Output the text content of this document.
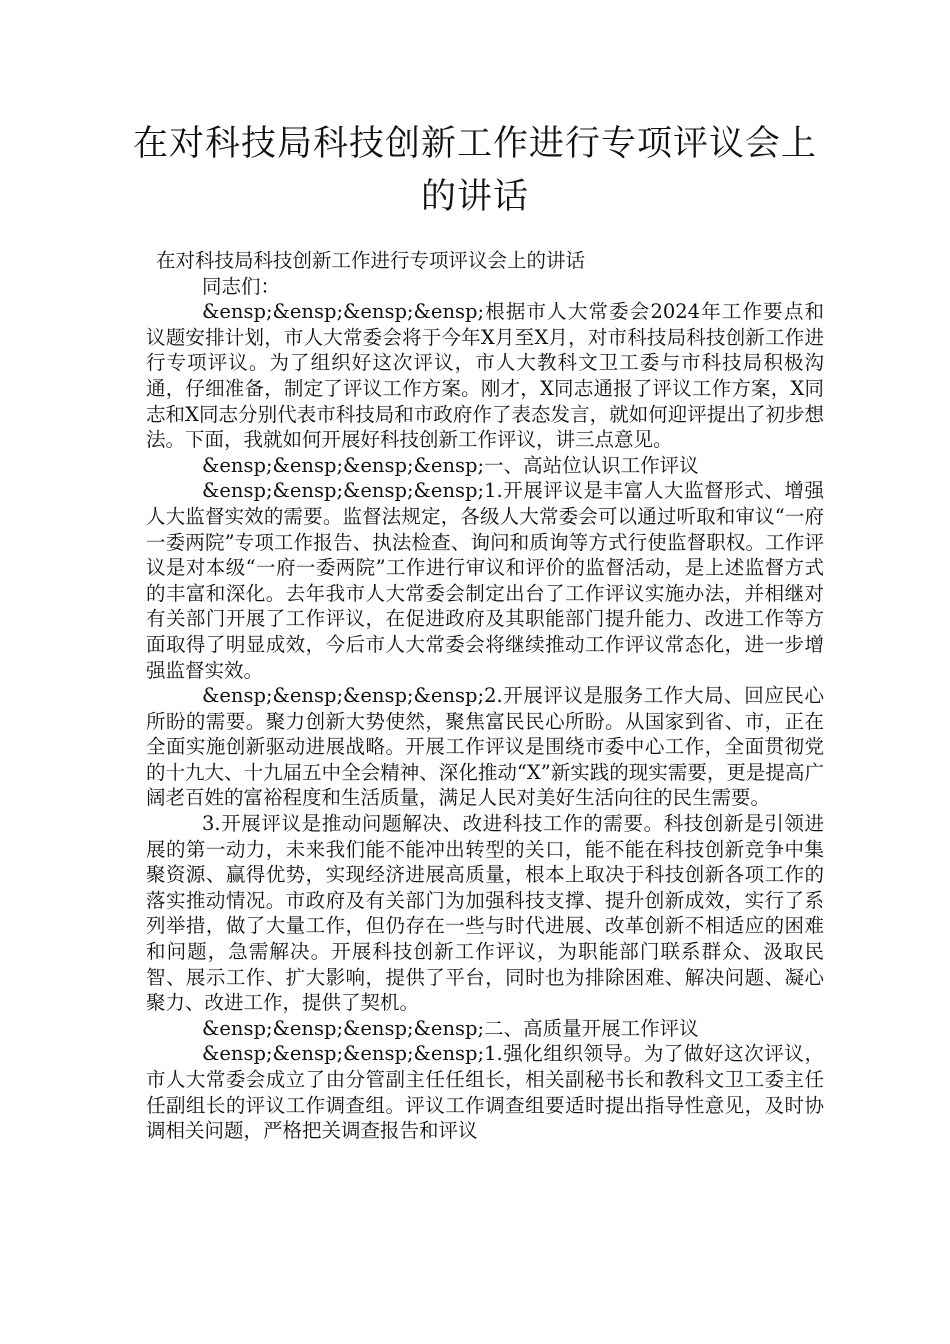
在对科技局科技创新工作进行专项评议会上的讲话

在对科技局科技创新工作进行专项评议会上的讲话

同志们：

&ensp;&ensp;&ensp;&ensp;根据市人大常委会2024年工作要点和议题安排计划，市人大常委会将于今年X月至X月，对市科技局科技创新工作进行专项评议。为了组织好这次评议，市人大教科文卫工委与市科技局积极沟通，仔细准备，制定了评议工作方案。刚才，X同志通报了评议工作方案，X同志和X同志分别代表市科技局和市政府作了表态发言，就如何迎评提出了初步想法。下面，我就如何开展好科技创新工作评议，讲三点意见。

&ensp;&ensp;&ensp;&ensp;一、高站位认识工作评议

&ensp;&ensp;&ensp;&ensp;1.开展评议是丰富人大监督形式、增强人大监督实效的需要。监督法规定，各级人大常委会可以通过听取和审议“一府一委两院”专项工作报告、执法检查、询问和质询等方式行使监督职权。工作评议是对本级“一府一委两院”工作进行审议和评价的监督活动，是上述监督方式的丰富和深化。去年我市人大常委会制定出台了工作评议实施办法，并相继对有关部门开展了工作评议，在促进政府及其职能部门提升能力、改进工作等方面取得了明显成效，今后市人大常委会将继续推动工作评议常态化，进一步增强监督实效。

&ensp;&ensp;&ensp;&ensp;2.开展评议是服务工作大局、回应民心所盼的需要。聚力创新大势使然，聚焦富民民心所盼。从国家到省、市，正在全面实施创新驱动进展战略。开展工作评议是围绕市委中心工作，全面贯彻党的十九大、十九届五中全会精神、深化推动“X”新实践的现实需要，更是提高广阔老百姓的富裕程度和生活质量，满足人民对美好生活向往的民生需要。

3.开展评议是推动问题解决、改进科技工作的需要。科技创新是引领进展的第一动力，未来我们能不能冲出转型的关口，能不能在科技创新竞争中集聚资源、赢得优势，实现经济进展高质量，根本上取决于科技创新各项工作的落实推动情况。市政府及有关部门为加强科技支撑、提升创新成效，实行了系列举措，做了大量工作，但仍存在一些与时代进展、改革创新不相适应的困难和问题，急需解决。开展科技创新工作评议，为职能部门联系群众、汲取民智、展示工作、扩大影响，提供了平台，同时也为排除困难、解决问题、凝心聚力、改进工作，提供了契机。

&ensp;&ensp;&ensp;&ensp;二、高质量开展工作评议

&ensp;&ensp;&ensp;&ensp;1.强化组织领导。为了做好这次评议，市人大常委会成立了由分管副主任任组长，相关副秘书长和教科文卫工委主任任副组长的评议工作调查组。评议工作调查组要适时提出指导性意见，及时协调相关问题，严格把关调查报告和评议
